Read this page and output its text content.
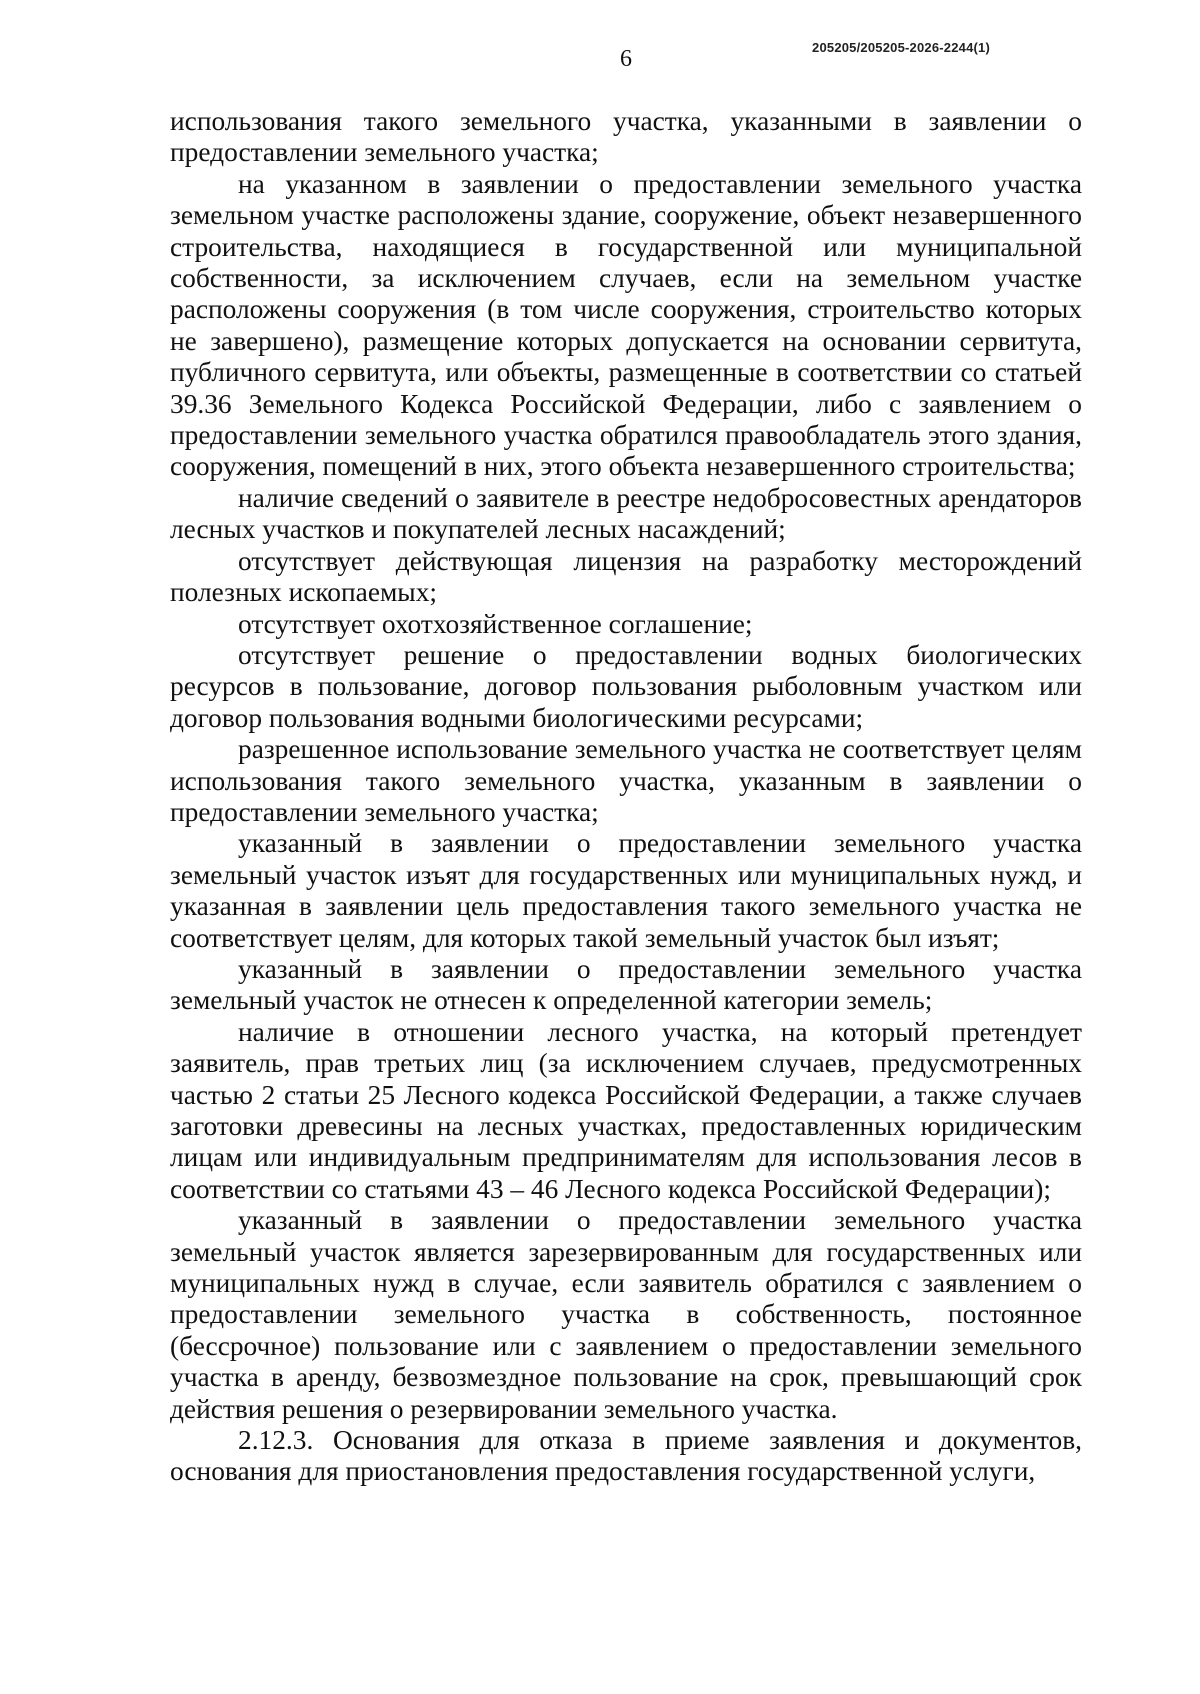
205205/205205-2026-2244(1)
6

использования такого земельного участка, указанными в заявлении о предоставлении земельного участка;

на указанном в заявлении о предоставлении земельного участка земельном участке расположены здание, сооружение, объект незавершенного строительства, находящиеся в государственной или муниципальной собственности, за исключением случаев, если на земельном участке расположены сооружения (в том числе сооружения, строительство которых не завершено), размещение которых допускается на основании сервитута, публичного сервитута, или объекты, размещенные в соответствии со статьей 39.36 Земельного Кодекса Российской Федерации, либо с заявлением о предоставлении земельного участка обратился правообладатель этого здания, сооружения, помещений в них, этого объекта незавершенного строительства;

наличие сведений о заявителе в реестре недобросовестных арендаторов лесных участков и покупателей лесных насаждений;

отсутствует действующая лицензия на разработку месторождений полезных ископаемых;

отсутствует охотхозяйственное соглашение;

отсутствует решение о предоставлении водных биологических ресурсов в пользование, договор пользования рыболовным участком или договор пользования водными биологическими ресурсами;

разрешенное использование земельного участка не соответствует целям использования такого земельного участка, указанным в заявлении о предоставлении земельного участка;

указанный в заявлении о предоставлении земельного участка земельный участок изъят для государственных или муниципальных нужд, и указанная в заявлении цель предоставления такого земельного участка не соответствует целям, для которых такой земельный участок был изъят;

указанный в заявлении о предоставлении земельного участка земельный участок не отнесен к определенной категории земель;

наличие в отношении лесного участка, на который претендует заявитель, прав третьих лиц (за исключением случаев, предусмотренных частью 2 статьи 25 Лесного кодекса Российской Федерации, а также случаев заготовки древесины на лесных участках, предоставленных юридическим лицам или индивидуальным предпринимателям для использования лесов в соответствии со статьями 43 – 46 Лесного кодекса Российской Федерации);

указанный в заявлении о предоставлении земельного участка земельный участок является зарезервированным для государственных или муниципальных нужд в случае, если заявитель обратился с заявлением о предоставлении земельного участка в собственность, постоянное (бессрочное) пользование или с заявлением о предоставлении земельного участка в аренду, безвозмездное пользование на срок, превышающий срок действия решения о резервировании земельного участка.

2.12.3. Основания для отказа в приеме заявления и документов, основания для приостановления предоставления государственной услуги,
